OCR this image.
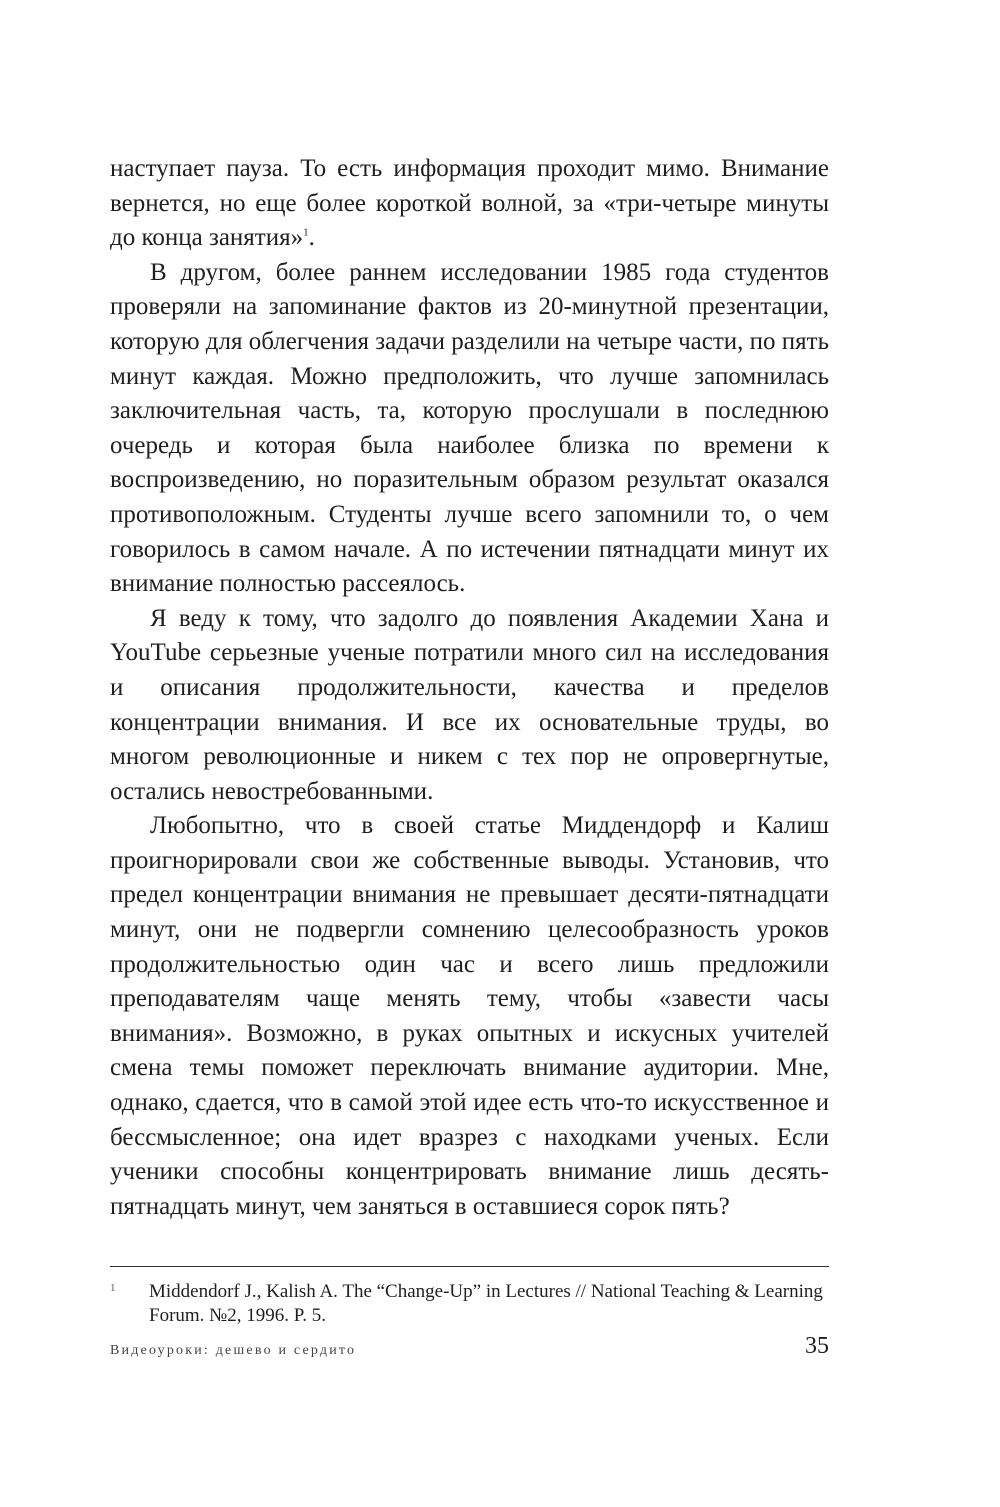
наступает пауза. То есть информация проходит мимо. Внимание вернется, но еще более короткой волной, за «три-четыре минуты до конца занятия»$^1$.

В другом, более раннем исследовании 1985 года студентов проверяли на запоминание фактов из 20-минутной презентации, которую для облегчения задачи разделили на четыре части, по пять минут каждая. Можно предположить, что лучше запомнилась заключительная часть, та, которую прослушали в последнюю очередь и которая была наиболее близка по времени к воспроизведению, но поразительным образом результат оказался противоположным. Студенты лучше всего запомнили то, о чем говорилось в самом начале. А по истечении пятнадцати минут их внимание полностью рассеялось.

Я веду к тому, что задолго до появления Академии Хана и YouTube серьезные ученые потратили много сил на исследования и описания продолжительности, качества и пределов концентрации внимания. И все их основательные труды, во многом революционные и никем с тех пор не опровергнутые, остались невостребованными.

Любопытно, что в своей статье Миддендорф и Калиш проигнорировали свои же собственные выводы. Установив, что предел концентрации внимания не превышает десяти-пятнадцати минут, они не подвергли сомнению целесообразность уроков продолжительностью один час и всего лишь предложили преподавателям чаще менять тему, чтобы «завести часы внимания». Возможно, в руках опытных и искусных учителей смена темы поможет переключать внимание аудитории. Мне, однако, сдается, что в самой этой идее есть что-то искусственное и бессмысленное; она идет вразрез с находками ученых. Если ученики способны концентрировать внимание лишь десять-пятнадцать минут, чем заняться в оставшиеся сорок пять?

1 Middendorf J., Kalish A. The “Change-Up” in Lectures // National Teaching & Learning Forum. №2, 1996. P. 5.
Видеоуроки: дешево и сердито	35
